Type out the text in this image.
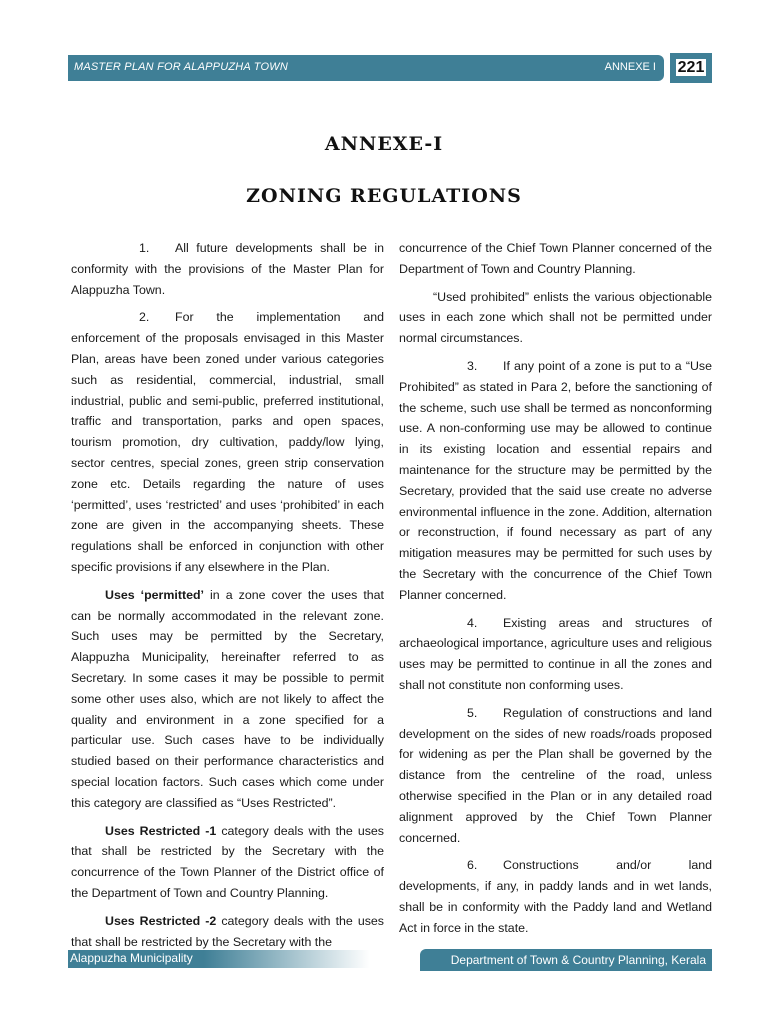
MASTER PLAN FOR ALAPPUZHA TOWN	ANNEXE I	221
ANNEXE-I
ZONING REGULATIONS

1. All future developments shall be in conformity with the provisions of the Master Plan for Alappuzha Town.

2. For the implementation and enforcement of the proposals envisaged in this Master Plan, areas have been zoned under various categories such as residential, commercial, industrial, small industrial, public and semi-public, preferred institutional, traffic and transportation, parks and open spaces, tourism promotion, dry cultivation, paddy/low lying, sector centres, special zones, green strip conservation zone etc. Details regarding the nature of uses ‘permitted’, uses ‘restricted’ and uses ‘prohibited’ in each zone are given in the accompanying sheets. These regulations shall be enforced in conjunction with other specific provisions if any elsewhere in the Plan.

Uses ‘permitted’ in a zone cover the uses that can be normally accommodated in the relevant zone. Such uses may be permitted by the Secretary, Alappuzha Municipality, hereinafter referred to as Secretary. In some cases it may be possible to permit some other uses also, which are not likely to affect the quality and environment in a zone specified for a particular use. Such cases have to be individually studied based on their performance characteristics and special location factors. Such cases which come under this category are classified as “Uses Restricted”.

Uses Restricted -1 category deals with the uses that shall be restricted by the Secretary with the concurrence of the Town Planner of the District office of the Department of Town and Country Planning.

Uses Restricted -2 category deals with the uses that shall be restricted by the Secretary with the

concurrence of the Chief Town Planner concerned of the Department of Town and Country Planning.

“Used prohibited” enlists the various objectionable uses in each zone which shall not be permitted under normal circumstances.

3. If any point of a zone is put to a “Use Prohibited” as stated in Para 2, before the sanctioning of the scheme, such use shall be termed as nonconforming use. A non-conforming use may be allowed to continue in its existing location and essential repairs and maintenance for the structure may be permitted by the Secretary, provided that the said use create no adverse environmental influence in the zone. Addition, alternation or reconstruction, if found necessary as part of any mitigation measures may be permitted for such uses by the Secretary with the concurrence of the Chief Town Planner concerned.

4. Existing areas and structures of archaeological importance, agriculture uses and religious uses may be permitted to continue in all the zones and shall not constitute non conforming uses.

5. Regulation of constructions and land development on the sides of new roads/roads proposed for widening as per the Plan shall be governed by the distance from the centreline of the road, unless otherwise specified in the Plan or in any detailed road alignment approved by the Chief Town Planner concerned.

6. Constructions and/or land developments, if any, in paddy lands and in wet lands, shall be in conformity with the Paddy land and Wetland Act in force in the state.

Alappuzha Municipality	Department of Town & Country Planning, Kerala
